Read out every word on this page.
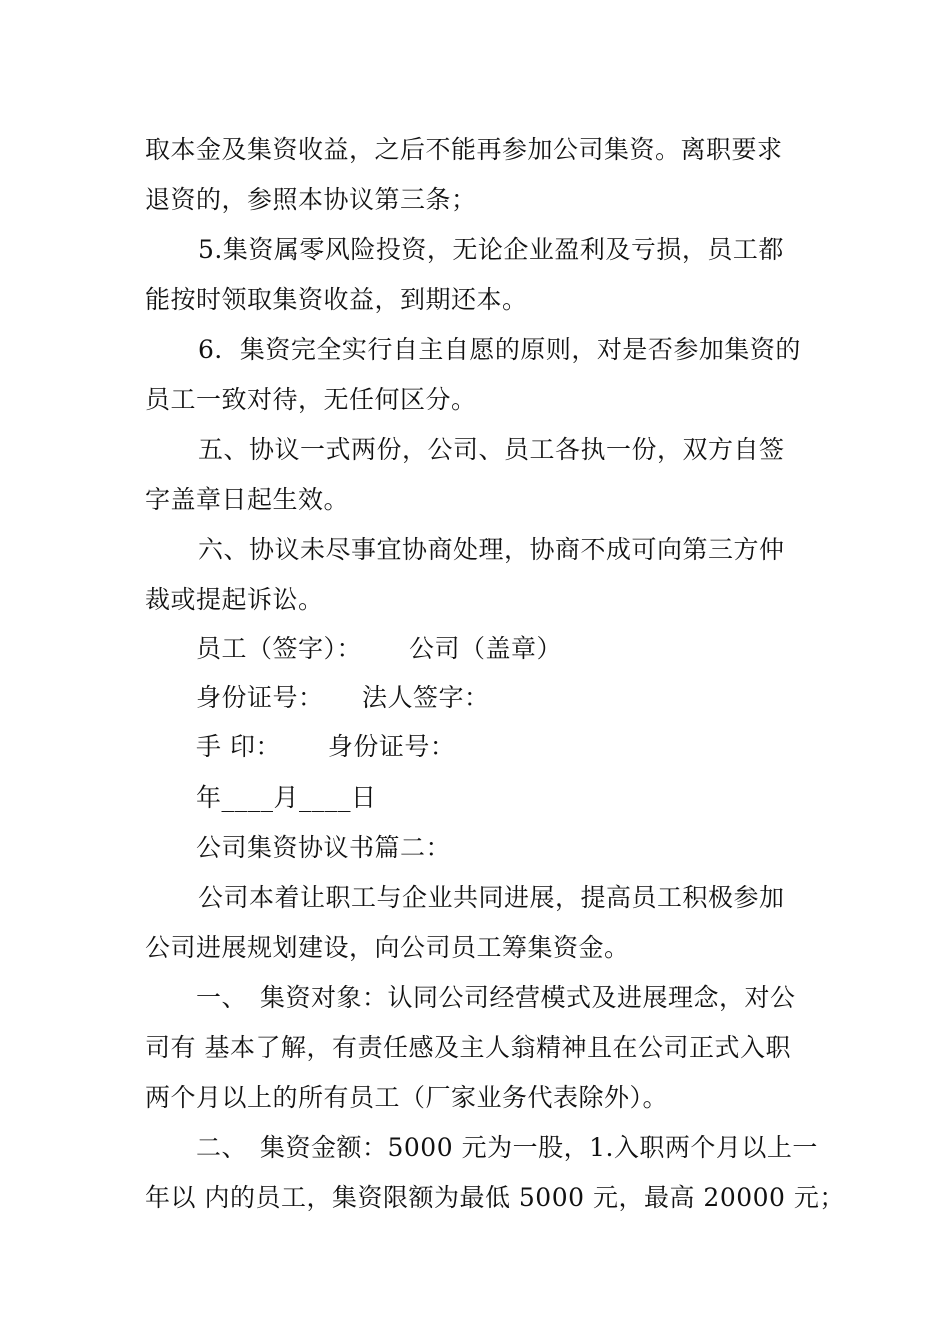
取本金及集资收益，之后不能再参加公司集资。离职要求
退资的，参照本协议第三条；
5.集资属零风险投资，无论企业盈利及亏损，员工都
能按时领取集资收益，到期还本。
6．集资完全实行自主自愿的原则，对是否参加集资的
员工一致对待，无任何区分。
五、协议一式两份，公司、员工各执一份，双方自签
字盖章日起生效。
六、协议未尽事宜协商处理，协商不成可向第三方仲
裁或提起诉讼。
员工（签字）：　　 公司（盖章）
身份证号：　　法人签字：
手 印：　　 身份证号：
年____月____日
公司集资协议书篇二：
公司本着让职工与企业共同进展，提高员工积极参加
公司进展规划建设，向公司员工筹集资金。
一、　集资对象：认同公司经营模式及进展理念，对公
司有 基本了解，有责任感及主人翁精神且在公司正式入职
两个月以上的所有员工（厂家业务代表除外）。
二、　集资金额：5000 元为一股，1.入职两个月以上一
年以 内的员工，集资限额为最低 5000 元，最高 20000 元；
